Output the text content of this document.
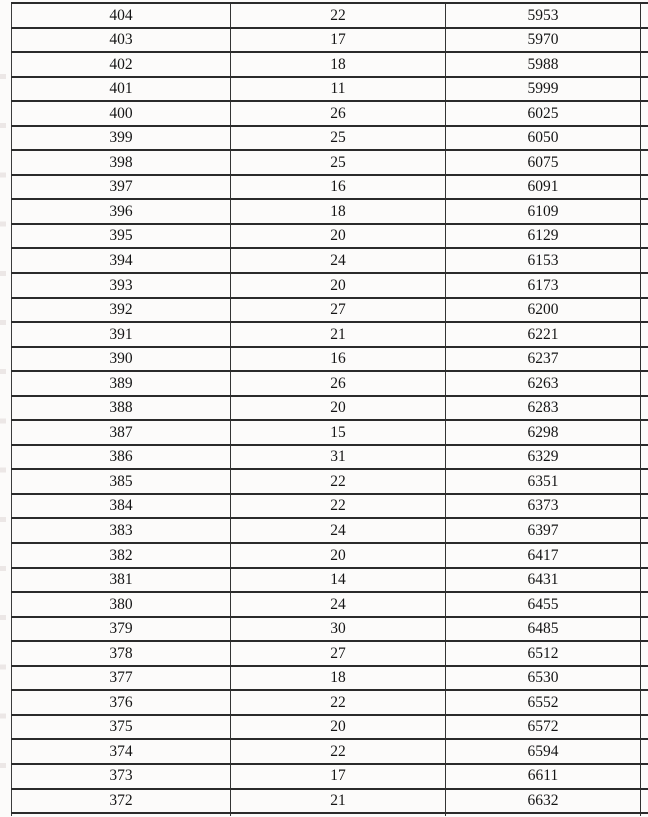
404	22	5953	
403	17	5970	
402	18	5988	
401	11	5999	
400	26	6025	
399	25	6050	
398	25	6075	
397	16	6091	
396	18	6109	
395	20	6129	
394	24	6153	
393	20	6173	
392	27	6200	
391	21	6221	
390	16	6237	
389	26	6263	
388	20	6283	
387	15	6298	
386	31	6329	
385	22	6351	
384	22	6373	
383	24	6397	
382	20	6417	
381	14	6431	
380	24	6455	
379	30	6485	
378	27	6512	
377	18	6530	
376	22	6552	
375	20	6572	
374	22	6594	
373	17	6611	
372	21	6632	
